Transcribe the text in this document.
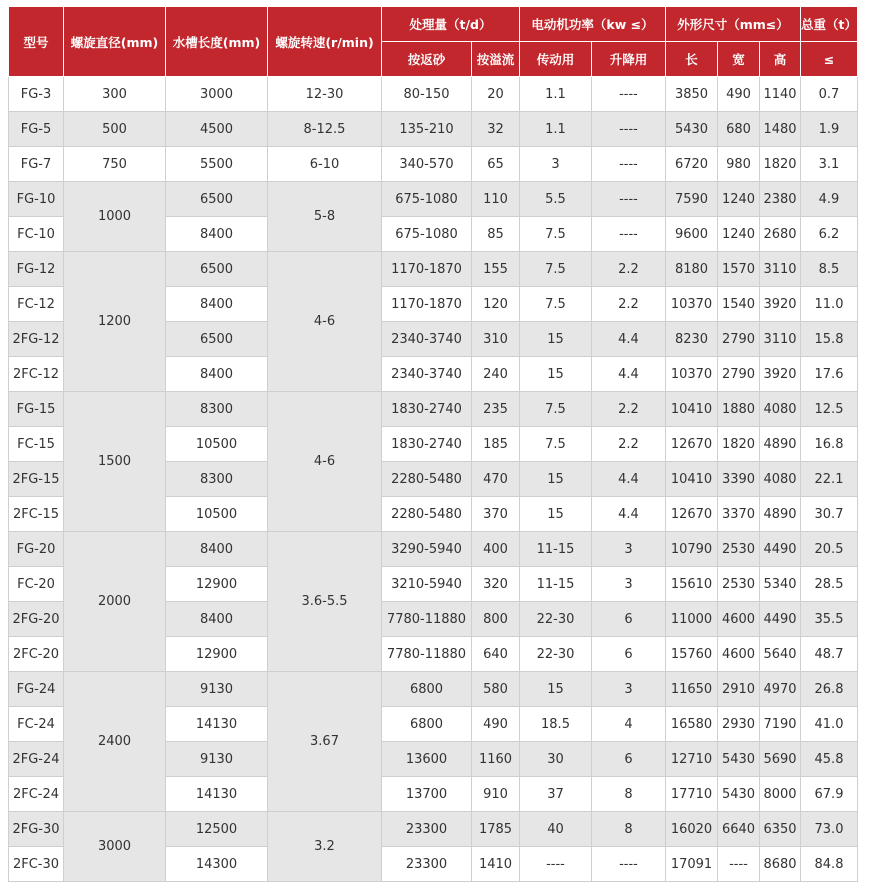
型号	螺旋直径(mm)	水槽长度(mm)	螺旋转速(r/min)	处理量（t/d）		电动机功率（kw ≤）		外形尺寸（mm≤）			总重（t）
				按返砂	按溢流	传动用	升降用	长	宽	高	≤
FG-3	300	3000	12-30	80-150	20	1.1	----	3850	490	1140	0.7
FG-5	500	4500	8-12.5	135-210	32	1.1	----	5430	680	1480	1.9
FG-7	750	5500	6-10	340-570	65	3	----	6720	980	1820	3.1
FG-10	1000	6500	5-8	675-1080	110	5.5	----	7590	1240	2380	4.9
FC-10		8400		675-1080	85	7.5	----	9600	1240	2680	6.2
FG-12	1200	6500	4-6	1170-1870	155	7.5	2.2	8180	1570	3110	8.5
FC-12		8400		1170-1870	120	7.5	2.2	10370	1540	3920	11.0
2FG-12		6500		2340-3740	310	15	4.4	8230	2790	3110	15.8
2FC-12		8400		2340-3740	240	15	4.4	10370	2790	3920	17.6
FG-15	1500	8300	4-6	1830-2740	235	7.5	2.2	10410	1880	4080	12.5
FC-15		10500		1830-2740	185	7.5	2.2	12670	1820	4890	16.8
2FG-15		8300		2280-5480	470	15	4.4	10410	3390	4080	22.1
2FC-15		10500		2280-5480	370	15	4.4	12670	3370	4890	30.7
FG-20	2000	8400	3.6-5.5	3290-5940	400	11-15	3	10790	2530	4490	20.5
FC-20		12900		3210-5940	320	11-15	3	15610	2530	5340	28.5
2FG-20		8400		7780-11880	800	22-30	6	11000	4600	4490	35.5
2FC-20		12900		7780-11880	640	22-30	6	15760	4600	5640	48.7
FG-24	2400	9130	3.67	6800	580	15	3	11650	2910	4970	26.8
FC-24		14130		6800	490	18.5	4	16580	2930	7190	41.0
2FG-24		9130		13600	1160	30	6	12710	5430	5690	45.8
2FC-24		14130		13700	910	37	8	17710	5430	8000	67.9
2FG-30	3000	12500	3.2	23300	1785	40	8	16020	6640	6350	73.0
2FC-30		14300		23300	1410	----	----	17091	----	8680	84.8
